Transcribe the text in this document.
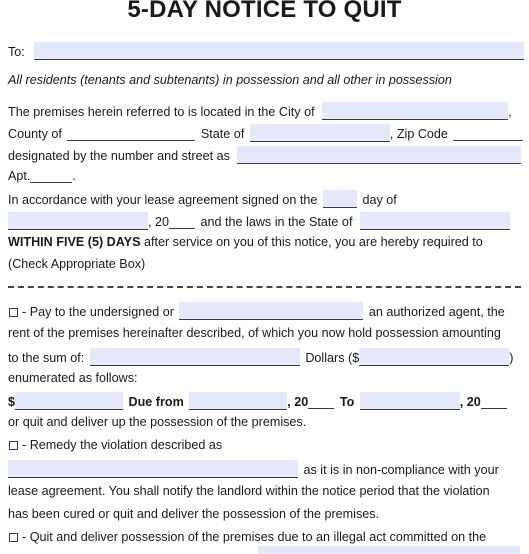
5-DAY NOTICE TO QUIT
To:
All residents (tenants and subtenants) in possession and all other in possession
The premises herein referred to is located in the City of	,
County of	State of	, Zip Code
designated by the number and street as
Apt.	.
In accordance with your lease agreement signed on the	day of
, 20	and the laws in the State of
WITHIN FIVE (5) DAYS after service on you of this notice, you are hereby required to
(Check Appropriate Box)
- Pay to the undersigned or	an authorized agent, the
rent of the premises hereinafter described, of which you now hold possession amounting
to the sum of:	Dollars ($	)
enumerated as follows:
$	Due from	, 20	To	, 20
or quit and deliver up the possession of the premises.
- Remedy the violation described as
as it is in non-compliance with your
lease agreement. You shall notify the landlord within the notice period that the violation
has been cured or quit and deliver the possession of the premises.
- Quit and deliver possession of the premises due to an illegal act committed on the
